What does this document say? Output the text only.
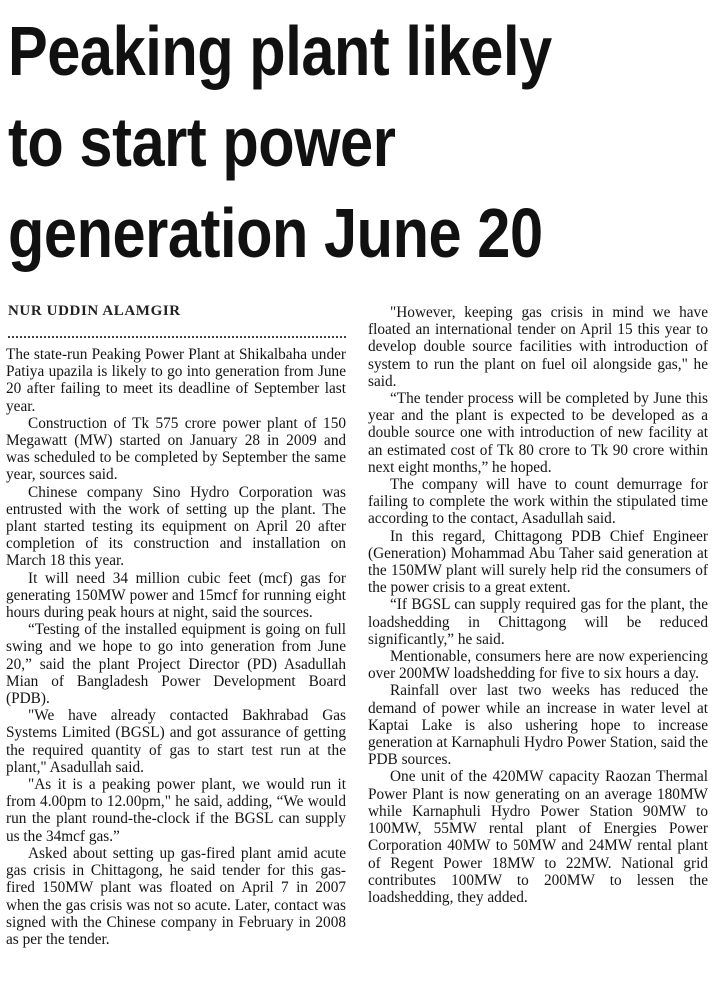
Peaking plant likely
to start power
generation June 20
NUR UDDIN ALAMGIR

The state-run Peaking Power Plant at Shikalbaha under Patiya upazila is likely to go into generation from June 20 after failing to meet its deadline of September last year.

Construction of Tk 575 crore power plant of 150 Megawatt (MW) started on January 28 in 2009 and was scheduled to be completed by September the same year, sources said.

Chinese company Sino Hydro Corporation was entrusted with the work of setting up the plant. The plant started testing its equipment on April 20 after completion of its construction and installation on March 18 this year.

It will need 34 million cubic feet (mcf) gas for generating 150MW power and 15mcf for running eight hours during peak hours at night, said the sources.

“Testing of the installed equipment is going on full swing and we hope to go into generation from June 20,” said the plant Project Director (PD) Asadullah Mian of Bangladesh Power Development Board (PDB).

"We have already contacted Bakhrabad Gas Systems Limited (BGSL) and got assurance of getting the required quantity of gas to start test run at the plant," Asadullah said.

"As it is a peaking power plant, we would run it from 4.00pm to 12.00pm," he said, adding, “We would run the plant round-the-clock if the BGSL can supply us the 34mcf gas.”

Asked about setting up gas-fired plant amid acute gas crisis in Chittagong, he said tender for this gas-fired 150MW plant was floated on April 7 in 2007 when the gas crisis was not so acute. Later, contact was signed with the Chinese company in February in 2008 as per the tender.

"However, keeping gas crisis in mind we have floated an international tender on April 15 this year to develop double source facilities with introduction of system to run the plant on fuel oil alongside gas," he said.

“The tender process will be completed by June this year and the plant is expected to be developed as a double source one with introduction of new facility at an estimated cost of Tk 80 crore to Tk 90 crore within next eight months,” he hoped.

The company will have to count demurrage for failing to complete the work within the stipulated time according to the contact, Asadullah said.

In this regard, Chittagong PDB Chief Engineer (Generation) Mohammad Abu Taher said generation at the 150MW plant will surely help rid the consumers of the power crisis to a great extent.

“If BGSL can supply required gas for the plant, the loadshedding in Chittagong will be reduced significantly,” he said.

Mentionable, consumers here are now experiencing over 200MW loadshedding for five to six hours a day.

Rainfall over last two weeks has reduced the demand of power while an increase in water level at Kaptai Lake is also ushering hope to increase generation at Karnaphuli Hydro Power Station, said the PDB sources.

One unit of the 420MW capacity Raozan Thermal Power Plant is now generating on an average 180MW while Karnaphuli Hydro Power Station 90MW to 100MW, 55MW rental plant of Energies Power Corporation 40MW to 50MW and 24MW rental plant of Regent Power 18MW to 22MW. National grid contributes 100MW to 200MW to lessen the loadshedding, they added.
